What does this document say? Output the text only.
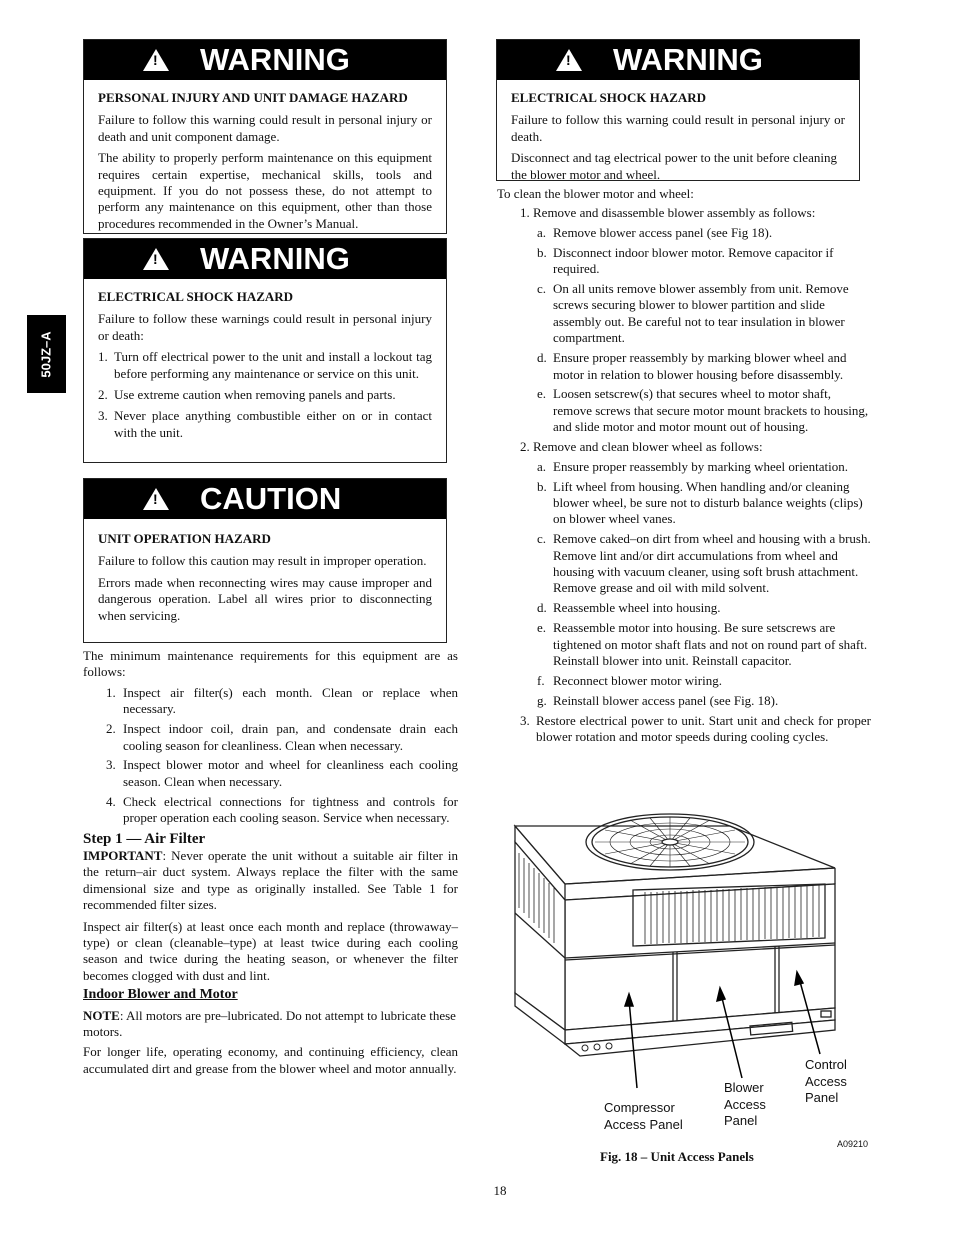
50JZ–A
!
WARNING
PERSONAL INJURY AND UNIT DAMAGE HAZARD

Failure to follow this warning could result in personal injury or death and unit component damage.

The ability to properly perform maintenance on this equipment requires certain expertise, mechanical skills, tools and equipment. If you do not possess these, do not attempt to perform any maintenance on this equipment, other than those procedures recommended in the Owner’s Manual.

!
WARNING
ELECTRICAL SHOCK HAZARD

Failure to follow these warnings could result in personal injury or death:

1. Turn off electrical power to the unit and install a lockout tag before performing any maintenance or service on this unit.
2. Use extreme caution when removing panels and parts.
3. Never place anything combustible either on or in contact with the unit.
!
CAUTION
UNIT OPERATION HAZARD

Failure to follow this caution may result in improper operation.

Errors made when reconnecting wires may cause improper and dangerous operation. Label all wires prior to disconnecting when servicing.

!
WARNING
ELECTRICAL SHOCK HAZARD

Failure to follow this warning could result in personal injury or death.

Disconnect and tag electrical power to the unit before cleaning the blower motor and wheel.

The minimum maintenance requirements for this equipment are as follows:

1. Inspect air filter(s) each month. Clean or replace when necessary.
2. Inspect indoor coil, drain pan, and condensate drain each cooling season for cleanliness. Clean when necessary.
3. Inspect blower motor and wheel for cleanliness each cooling season. Clean when necessary.
4. Check electrical connections for tightness and controls for proper operation each cooling season. Service when necessary.
Step 1 — Air Filter

IMPORTANT: Never operate the unit without a suitable air filter in the return–air duct system. Always replace the filter with the same dimensional size and type as originally installed. See Table 1 for recommended filter sizes.

Inspect air filter(s) at least once each month and replace (throwaway–type) or clean (cleanable–type) at least twice during each cooling season and twice during the heating season, or whenever the filter becomes clogged with dust and lint.

Indoor Blower and Motor

NOTE: All motors are pre–lubricated. Do not attempt to lubricate these motors.

For longer life, operating economy, and continuing efficiency, clean accumulated dirt and grease from the blower wheel and motor annually.

To clean the blower motor and wheel:

1. Remove and disassemble blower assembly as follows:
a. Remove blower access panel (see Fig 18).
b. Disconnect indoor blower motor. Remove capacitor if required.
c. On all units remove blower assembly from unit. Remove screws securing blower to blower partition and slide assembly out. Be careful not to tear insulation in blower compartment.
d. Ensure proper reassembly by marking blower wheel and motor in relation to blower housing before disassembly.
e. Loosen setscrew(s) that secures wheel to motor shaft, remove screws that secure motor mount brackets to housing, and slide motor and motor mount out of housing.
2. Remove and clean blower wheel as follows:
a. Ensure proper reassembly by marking wheel orientation.
b. Lift wheel from housing. When handling and/or cleaning blower wheel, be sure not to disturb balance weights (clips) on blower wheel vanes.
c. Remove caked–on dirt from wheel and housing with a brush. Remove lint and/or dirt accumulations from wheel and housing with vacuum cleaner, using soft brush attachment. Remove grease and oil with mild solvent.
d. Reassemble wheel into housing.
e. Reassemble motor into housing. Be sure setscrews are tightened on motor shaft flats and not on round part of shaft. Reinstall blower into unit. Reinstall capacitor.
f. Reconnect blower motor wiring.
g. Reinstall blower access panel (see Fig. 18).
3. Restore electrical power to unit. Start unit and check for proper blower rotation and motor speeds during cooling cycles.
Control Access Panel
Blower Access Panel
Compressor Access Panel
A09210
Fig. 18 – Unit Access Panels
18
